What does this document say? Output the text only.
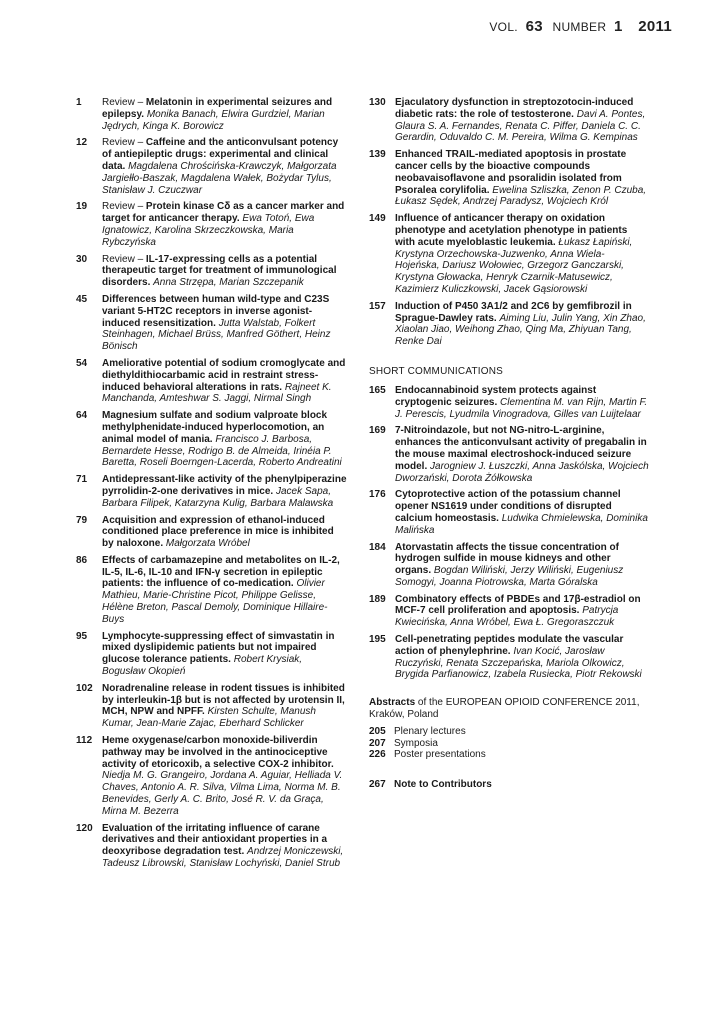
VOL. 63 NUMBER 1 2011
1	Review – Melatonin in experimental seizures and epilepsy. Monika Banach, Elwira Gurdziel, Marian Jędrych, Kinga K. Borowicz
12	Review – Caffeine and the anticonvulsant potency of antiepileptic drugs: experimental and clinical data. Magdalena Chrościńska-Krawczyk, Małgorzata Jargiełło-Baszak, Magdalena Wałek, Bożydar Tylus, Stanisław J. Czuczwar
19	Review – Protein kinase Cδ as a cancer marker and target for anticancer therapy. Ewa Totoń, Ewa Ignatowicz, Karolina Skrzeczkowska, Maria Rybczyńska
30	Review – IL-17-expressing cells as a potential therapeutic target for treatment of immunological disorders. Anna Strzępa, Marian Szczepanik
45	Differences between human wild-type and C23S variant 5-HT2C receptors in inverse agonist-induced resensitization. Jutta Walstab, Folkert Steinhagen, Michael Brüss, Manfred Göthert, Heinz Bönisch
54	Ameliorative potential of sodium cromoglycate and diethyldithiocarbamic acid in restraint stress-induced behavioral alterations in rats. Rajneet K. Manchanda, Amteshwar S. Jaggi, Nirmal Singh
64	Magnesium sulfate and sodium valproate block methylphenidate-induced hyperlocomotion, an animal model of mania. Francisco J. Barbosa, Bernardete Hesse, Rodrigo B. de Almeida, Irinéia P. Baretta, Roseli Boerngen-Lacerda, Roberto Andreatini
71	Antidepressant-like activity of the phenylpiperazine pyrrolidin-2-one derivatives in mice. Jacek Sapa, Barbara Filipek, Katarzyna Kulig, Barbara Malawska
79	Acquisition and expression of ethanol-induced conditioned place preference in mice is inhibited by naloxone. Małgorzata Wróbel
86	Effects of carbamazepine and metabolites on IL-2, IL-5, IL-6, IL-10 and IFN-γ secretion in epileptic patients: the influence of co-medication. Olivier Mathieu, Marie-Christine Picot, Philippe Gelisse, Hélène Breton, Pascal Demoly, Dominique Hillaire- Buys
95	Lymphocyte-suppressing effect of simvastatin in mixed dyslipidemic patients but not impaired glucose tolerance patients. Robert Krysiak, Bogusław Okopień
102 Noradrenaline release in rodent tissues is inhibited by interleukin-1β but is not affected by urotensin II, MCH, NPW and NPFF. Kirsten Schulte, Manush Kumar, Jean-Marie Zajac, Eberhard Schlicker
112 Heme oxygenase/carbon monoxide-biliverdin pathway may be involved in the antinociceptive activity of etoricoxib, a selective COX-2 inhibitor. Niedja M. G. Grangeiro, Jordana A. Aguiar, Helliada V. Chaves, Antonio A. R. Silva, Vilma Lima, Norma M. B. Benevides, Gerly A. C. Brito, José R. V. da Graça, Mirna M. Bezerra
120 Evaluation of the irritating influence of carane derivatives and their antioxidant properties in a deoxyribose degradation test. Andrzej Moniczewski, Tadeusz Librowski, Stanisław Lochyński, Daniel Strub
130 Ejaculatory dysfunction in streptozotocin-induced diabetic rats: the role of testosterone. Davi A. Pontes, Glaura S. A. Fernandes, Renata C. Piffer, Daniela C. C. Gerardin, Oduvaldo C. M. Pereira, Wilma G. Kempinas
139 Enhanced TRAIL-mediated apoptosis in prostate cancer cells by the bioactive compounds neobavaisoflavone and psoralidin isolated from Psoralea corylifolia. Ewelina Szliszka, Zenon P. Czuba, Łukasz Sędek, Andrzej Paradysz, Wojciech Król
149 Influence of anticancer therapy on oxidation phenotype and acetylation phenotype in patients with acute myeloblastic leukemia. Łukasz Łapiński, Krystyna Orzechowska-Juzwenko, Anna Wiela-Hojeńska, Dariusz Wołowiec, Grzegorz Ganczarski, Krystyna Głowacka, Henryk Czarnik-Matusewicz, Kazimierz Kuliczkowski, Jacek Gąsiorowski
157 Induction of P450 3A1/2 and 2C6 by gemfibrozil in Sprague-Dawley rats. Aiming Liu, Julin Yang, Xin Zhao, Xiaolan Jiao, Weihong Zhao, Qing Ma, Zhiyuan Tang, Renke Dai
SHORT COMMUNICATIONS
165 Endocannabinoid system protects against cryptogenic seizures. Clementina M. van Rijn, Martin F. J. Perescis, Lyudmila Vinogradova, Gilles van Luijtelaar
169 7-Nitroindazole, but not NG-nitro-L-arginine, enhances the anticonvulsant activity of pregabalin in the mouse maximal electroshock-induced seizure model. Jarogniew J. Łuszczki, Anna Jaskólska, Wojciech Dworzański, Dorota Żółkowska
176 Cytoprotective action of the potassium channel opener NS1619 under conditions of disrupted calcium homeostasis. Ludwika Chmielewska, Dominika Malińska
184 Atorvastatin affects the tissue concentration of hydrogen sulfide in mouse kidneys and other organs. Bogdan Wiliński, Jerzy Wiliński, Eugeniusz Somogyi, Joanna Piotrowska, Marta Góralska
189 Combinatory effects of PBDEs and 17β-estradiol on MCF-7 cell proliferation and apoptosis. Patrycja Kwiecińska, Anna Wróbel, Ewa Ł. Gregoraszczuk
195 Cell-penetrating peptides modulate the vascular action of phenylephrine. Ivan Kocić, Jarosław Ruczyński, Renata Szczepańska, Mariola Olkowicz, Brygida Parfianowicz, Izabela Rusiecka, Piotr Rekowski
Abstracts of the EUROPEAN OPIOID CONFERENCE 2011, Kraków, Poland
205 Plenary lectures
207 Symposia
226 Poster presentations
267 Note to Contributors
